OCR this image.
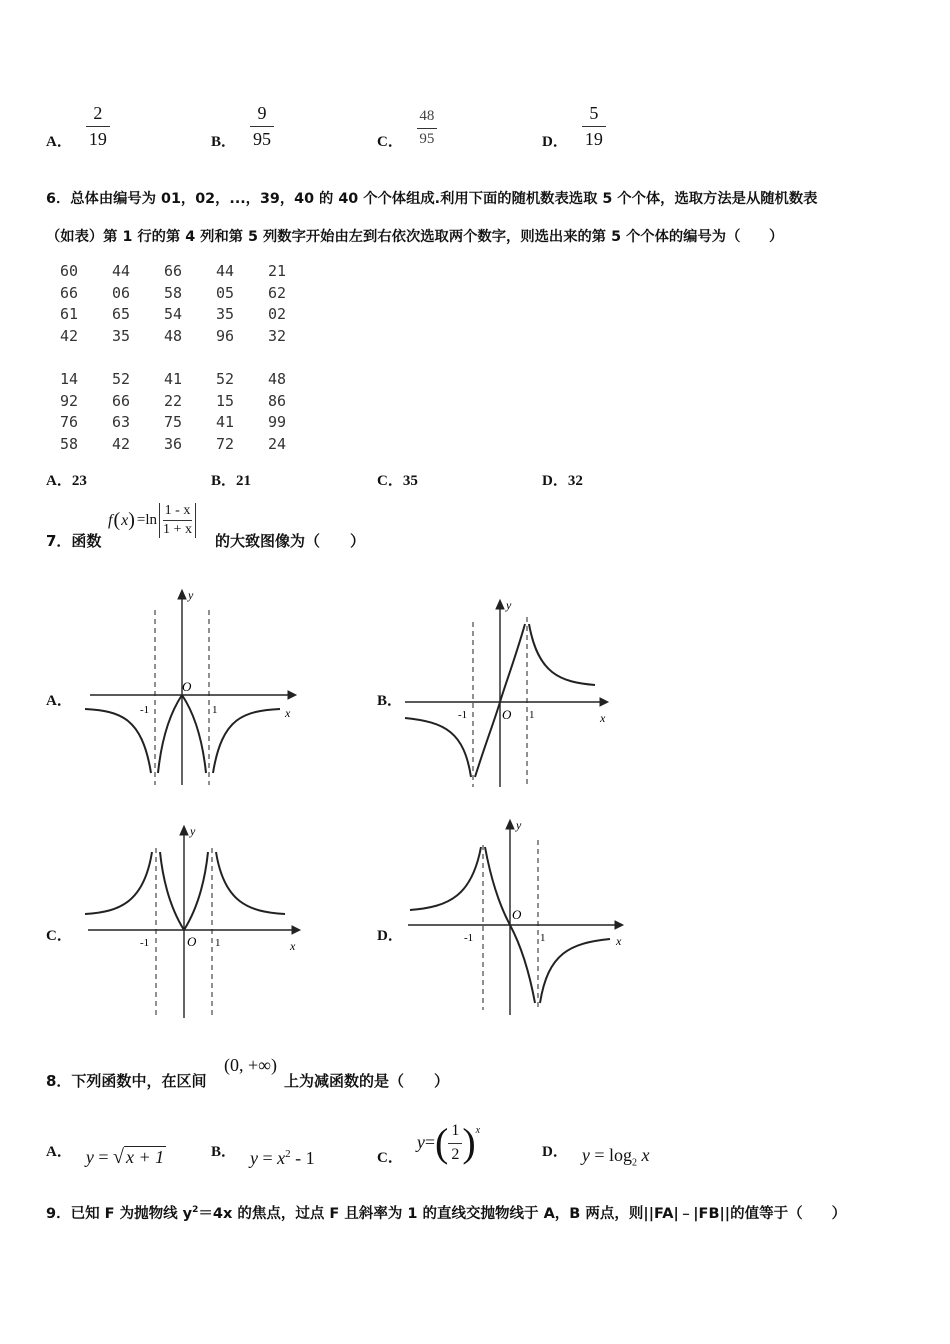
A． $\frac{2}{19}$	B． $\frac{9}{95}$	C． $\frac{48}{95}$	D． $\frac{5}{19}$
6．总体由编号为 01，02，...，39，40 的 40 个个体组成.利用下面的随机数表选取 5 个个体，选取方法是从随机数表
（如表）第 1 行的第 4 列和第 5 列数字开始由左到右依次选取两个数字，则选出来的第 5 个个体的编号为（　　）
60	44	66	44	21
66	06	58	05	62
61	65	54	35	02
42	35	48	96	32
14	52	41	52	48
92	66	22	15	86
76	63	75	41	99
58	42	36	72	24
A．23	B．21	C．35	D．32
7．函数
f ( x ) =ln
1 - x
1 + x
的大致图像为（　　）
A．
y
x
O
-1	1
B．
y
x
O
-1	1
C．
y
x
O
-1	1	D．
y
x
O
-1	1
8．下列函数中，在区间
(0, +∞)
上为减函数的是（　　）
A． y = √ x + 1	B． $y = x^2 - 1$	C．
y = ( $\frac{1}{2}$ ) x
D． $y = \log_2 x$
9．已知 F 为抛物线 $y^2=4x$ 的焦点，过点 F 且斜率为 1 的直线交抛物线于 A，B 两点，则||FA|﹣|FB||的值等于（　　）
